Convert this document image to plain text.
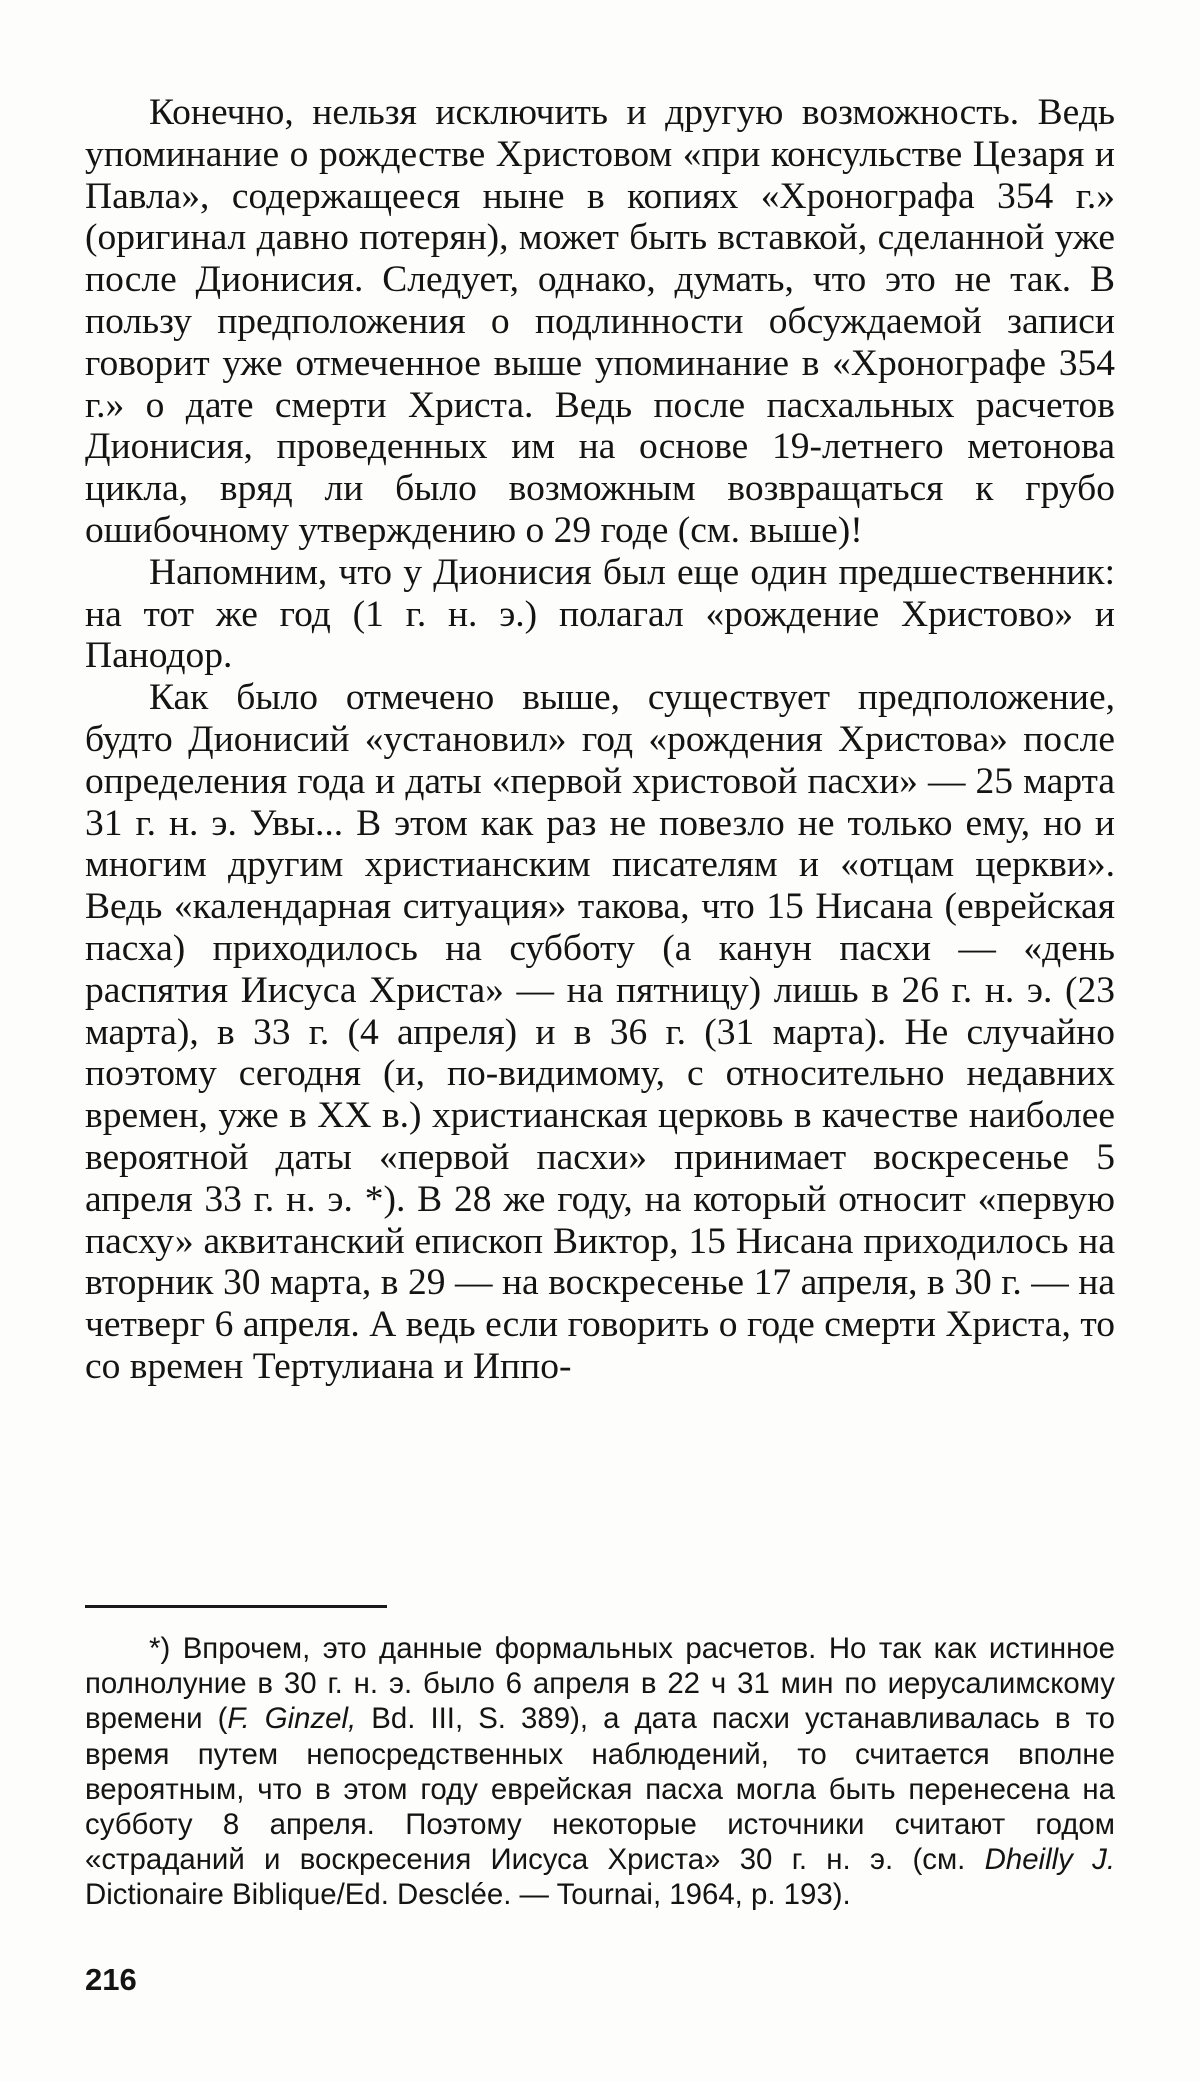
Конечно, нельзя исключить и другую возможность. Ведь упоминание о рождестве Христовом «при консульстве Цезаря и Павла», содержащееся ныне в копиях «Хронографа 354 г.» (оригинал давно потерян), может быть вставкой, сделанной уже после Дионисия. Следует, однако, думать, что это не так. В пользу предположения о подлинности обсуждаемой записи говорит уже отмеченное выше упоминание в «Хронографе 354 г.» о дате смерти Христа. Ведь после пасхальных расчетов Дионисия, проведенных им на основе 19-летнего метонова цикла, вряд ли было возможным возвращаться к грубо ошибочному утверждению о 29 годе (см. выше)!

Напомним, что у Дионисия был еще один предшественник: на тот же год (1 г. н. э.) полагал «рождение Христово» и Панодор.

Как было отмечено выше, существует предположение, будто Дионисий «установил» год «рождения Христова» после определения года и даты «первой христовой пасхи» — 25 марта 31 г. н. э. Увы... В этом как раз не повезло не только ему, но и многим другим христианским писателям и «отцам церкви». Ведь «календарная ситуация» такова, что 15 Нисана (еврейская пасха) приходилось на субботу (а канун пасхи — «день распятия Иисуса Христа» — на пятницу) лишь в 26 г. н. э. (23 марта), в 33 г. (4 апреля) и в 36 г. (31 марта). Не случайно поэтому сегодня (и, по-видимому, с относительно недавних времен, уже в XX в.) христианская церковь в качестве наиболее вероятной даты «первой пасхи» принимает воскресенье 5 апреля 33 г. н. э. *). В 28 же году, на который относит «первую пасху» аквитанский епископ Виктор, 15 Нисана приходилось на вторник 30 марта, в 29 — на воскресенье 17 апреля, в 30 г. — на четверг 6 апреля. А ведь если говорить о годе смерти Христа, то со времен Тертулиана и Иппо-

*) Впрочем, это данные формальных расчетов. Но так как истинное полнолуние в 30 г. н. э. было 6 апреля в 22 ч 31 мин по иерусалимскому времени (F. Ginzel, Bd. III, S. 389), а дата пасхи устанавливалась в то время путем непосредственных наблюдений, то считается вполне вероятным, что в этом году еврейская пасха могла быть перенесена на субботу 8 апреля. Поэтому некоторые источники считают годом «страданий и воскресения Иисуса Христа» 30 г. н. э. (см. Dheilly J. Dictionaire Biblique/Ed. Desclée. — Tournai, 1964, p. 193).

216
